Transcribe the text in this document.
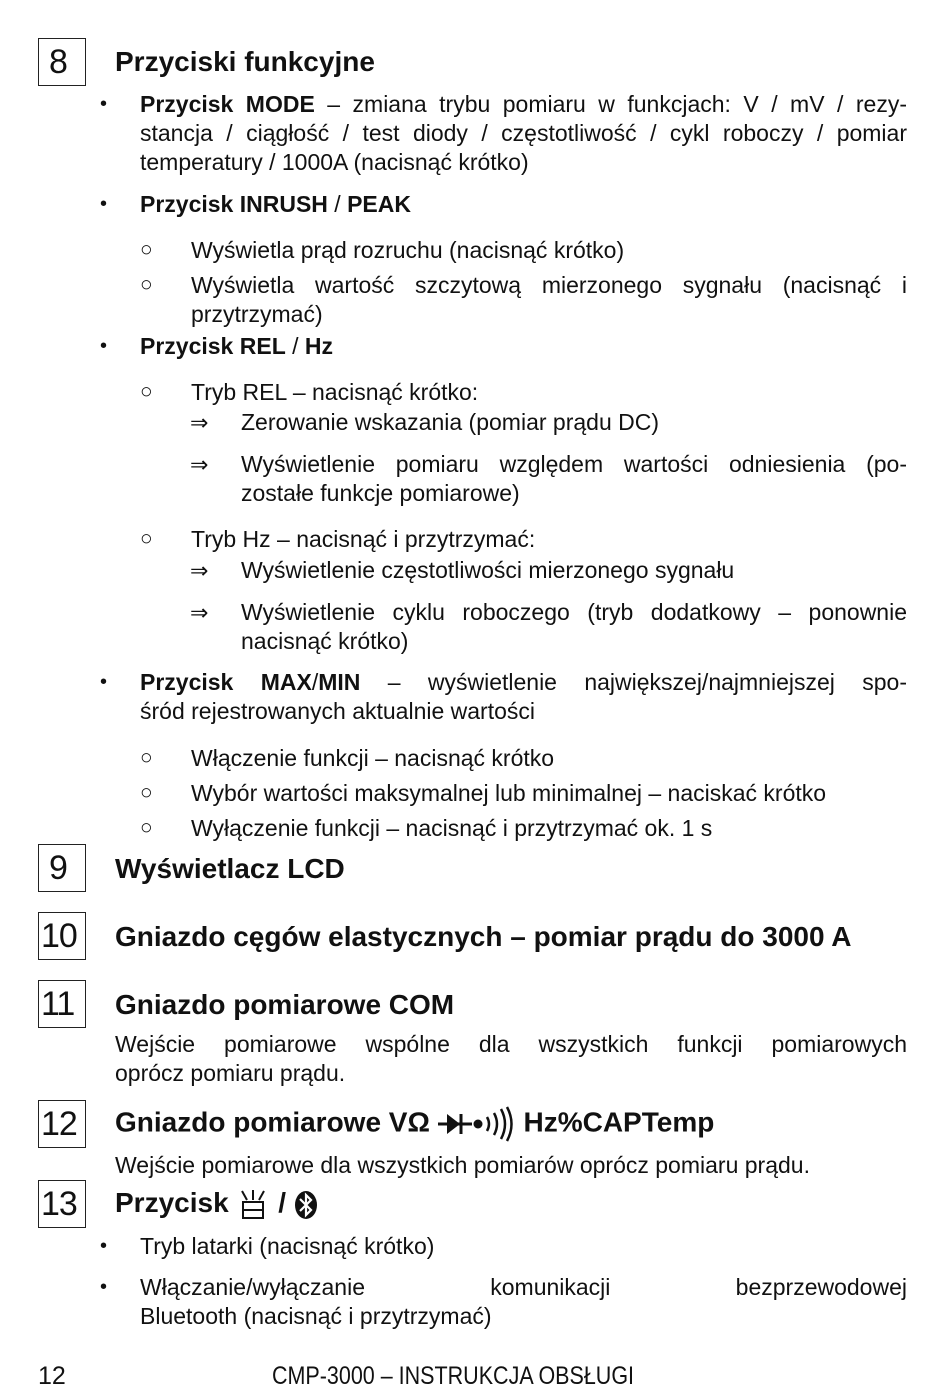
8	Przyciski funkcyjne
• Przycisk MODE – zmiana trybu pomiaru w funkcjach: V / mV / rezy-
stancja / ciągłość / test diody / częstotliwość / cykl roboczy / pomiar
temperatury / 1000A (nacisnąć krótko)
• Przycisk INRUSH / PEAK
○ Wyświetla prąd rozruchu (nacisnąć krótko)
○ Wyświetla wartość szczytową mierzonego sygnału (nacisnąć i
przytrzymać)
• Przycisk REL / Hz
○ Tryb REL – nacisnąć krótko:
⇒ Zerowanie wskazania (pomiar prądu DC)
⇒ Wyświetlenie pomiaru względem wartości odniesienia (po-
zostałe funkcje pomiarowe)
○ Tryb Hz – nacisnąć i przytrzymać:
⇒ Wyświetlenie częstotliwości mierzonego sygnału
⇒ Wyświetlenie cyklu roboczego (tryb dodatkowy – ponownie
nacisnąć krótko)
• Przycisk MAX/MIN – wyświetlenie największej/najmniejszej spo-
śród rejestrowanych aktualnie wartości
○ Włączenie funkcji – nacisnąć krótko
○ Wybór wartości maksymalnej lub minimalnej – naciskać krótko
○ Wyłączenie funkcji – nacisnąć i przytrzymać ok. 1 s
9	Wyświetlacz LCD
10	Gniazdo cęgów elastycznych – pomiar prądu do 3000 A
11	Gniazdo pomiarowe COM
Wejście pomiarowe wspólne dla wszystkich funkcji pomiarowych
oprócz pomiaru prądu.
12	Gniazdo pomiarowe VΩ	Hz%CAPTemp
Wejście pomiarowe dla wszystkich pomiarów oprócz pomiaru prądu.
13	Przycisk /
• Tryb latarki (nacisnąć krótko)
• Włączanie/wyłączanie komunikacji bezprzewodowej
Bluetooth (nacisnąć i przytrzymać)
12	CMP-3000 – INSTRUKCJA OBSŁUGI
